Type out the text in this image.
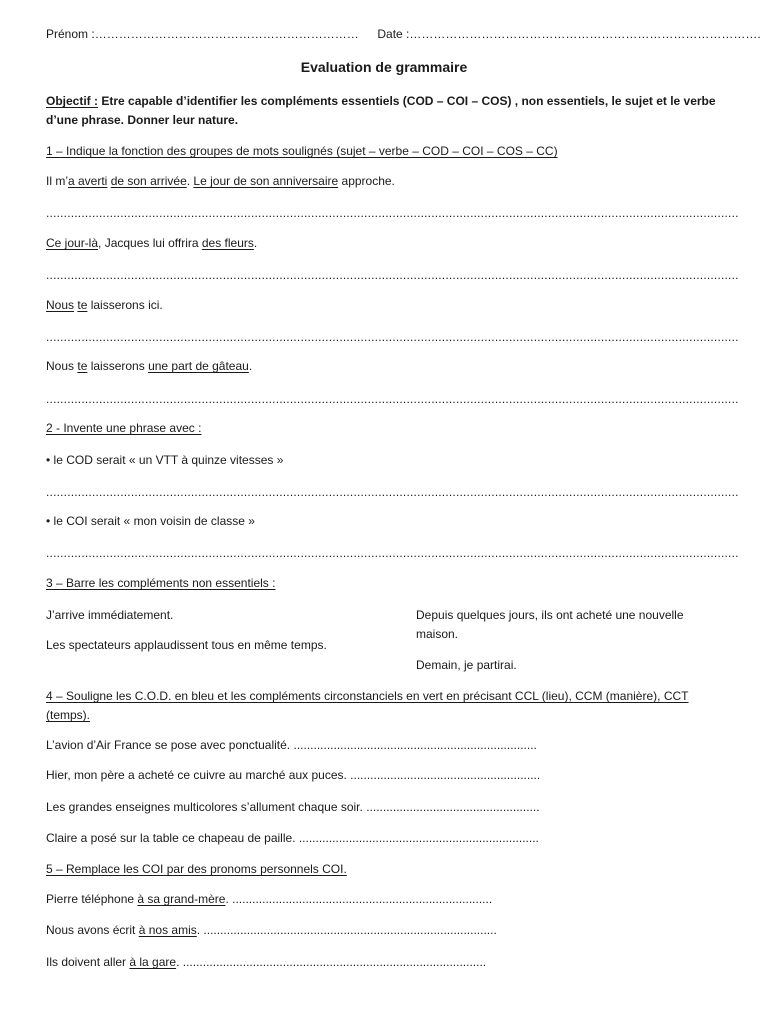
Prénom :………………………………………………………… Date :…………………………………………………………………………….
Evaluation de grammaire
Objectif : Etre capable d’identifier les compléments essentiels (COD – COI – COS) , non essentiels, le sujet et le verbe d’une phrase. Donner leur nature.
1 – Indique la fonction des groupes de mots soulignés (sujet – verbe – COD – COI – COS – CC)
Il m’a averti de son arrivée. Le jour de son anniversaire approche.
....................................................................................................................................................................................................
Ce jour-là, Jacques lui offrira des fleurs.
....................................................................................................................................................................................................
Nous te laisserons ici.
....................................................................................................................................................................................................
Nous te laisserons une part de gâteau.
....................................................................................................................................................................................................
2 - Invente une phrase avec :
• le COD serait « un VTT à quinze vitesses »
....................................................................................................................................................................................................
• le COI serait « mon voisin de classe »
....................................................................................................................................................................................................
3 – Barre les compléments non essentiels :
J’arrive immédiatement.
Les spectateurs applaudissent tous en même temps.
Depuis quelques jours, ils ont acheté une nouvelle maison.
Demain, je partirai.
4 – Souligne les C.O.D. en bleu et les compléments circonstanciels en vert en précisant CCL (lieu), CCM (manière), CCT (temps).
L’avion d’Air France se pose avec ponctualité. .........................................................................
Hier, mon père a acheté ce cuivre au marché aux puces. .........................................................
Les grandes enseignes multicolores s’allument chaque soir. ....................................................
Claire a posé sur la table ce chapeau de paille. ........................................................................
5 – Remplace les COI par des pronoms personnels COI.
Pierre téléphone à sa grand-mère. ..............................................................................
Nous avons écrit à nos amis. ........................................................................................
Ils doivent aller à la gare. ...........................................................................................
